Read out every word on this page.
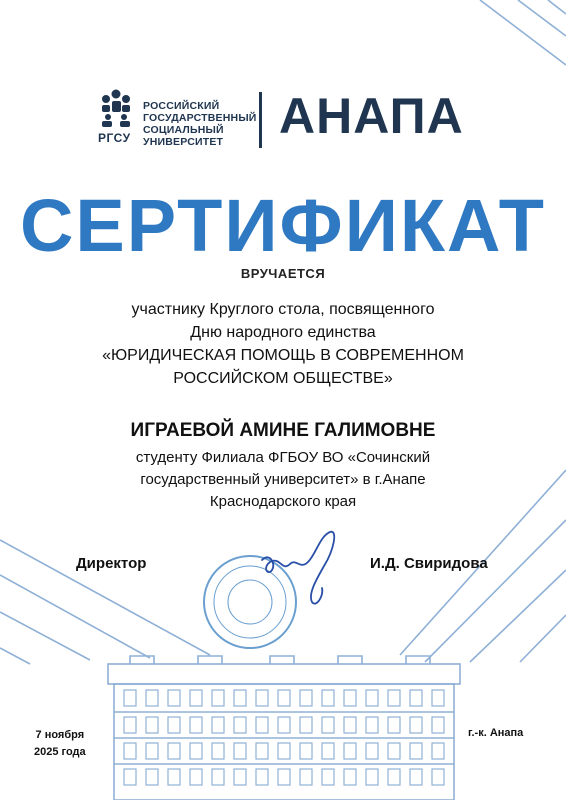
РОССИЙСКИЙ
ГОСУДАРСТВЕННЫЙ
СОЦИАЛЬНЫЙ
УНИВЕРСИТЕТ
РГСУ	АНАПА
СЕРТИФИКАТ
ВРУЧАЕТСЯ
участнику Круглого стола, посвященного
Дню народного единства
«ЮРИДИЧЕСКАЯ ПОМОЩЬ В СОВРЕМЕННОМ
РОССИЙСКОМ ОБЩЕСТВЕ»
ИГРАЕВОЙ АМИНЕ ГАЛИМОВНЕ
студенту Филиала ФГБОУ ВО «Сочинский
государственный университет» в г.Анапе
Краснодарского края
Директор	И.Д. Свиридова
7 ноября
2025 года
г.-к. Анапа
